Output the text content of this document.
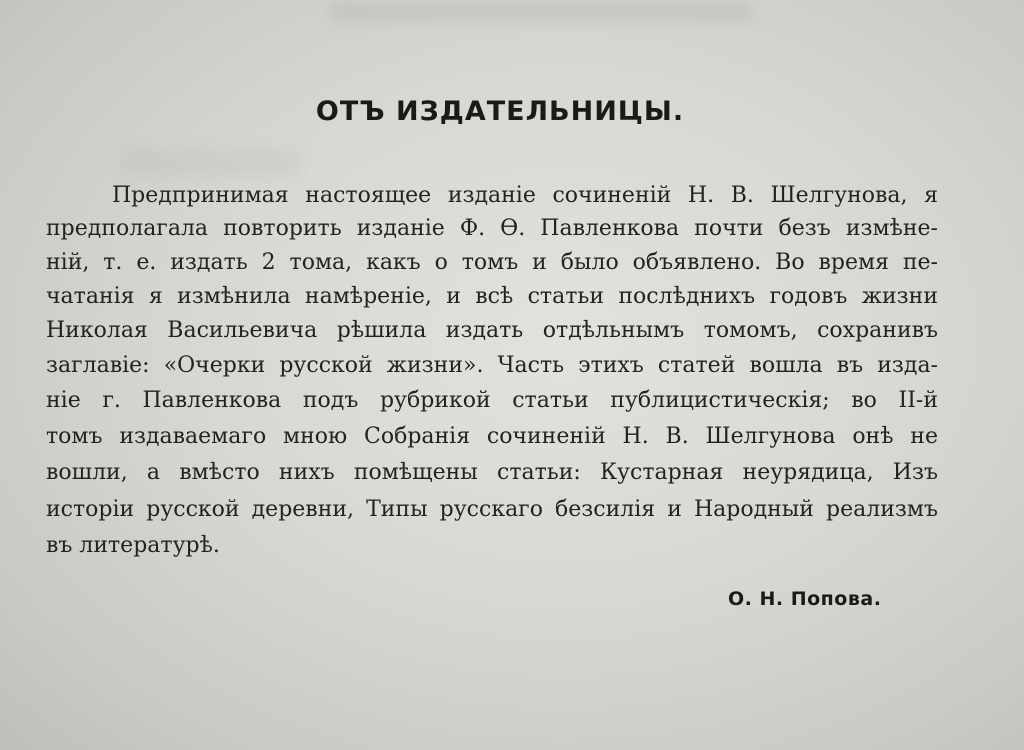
ОТЪ ИЗДАТЕЛЬНИЦЫ.
Предпринимая настоящее изданіе сочиненій Н. В. Шелгунова, я
предполагала повторить изданіе Ф. Ѳ. Павленкова почти безъ измѣне-
ній, т. е. издать 2 тома, какъ о томъ и было объявлено. Во время пе-
чатанія я измѣнила намѣреніе, и всѣ статьи послѣднихъ годовъ жизни
Николая Васильевича рѣшила издать отдѣльнымъ томомъ, сохранивъ
заглавіе: «Очерки русской жизни». Часть этихъ статей вошла въ изда-
ніе г. Павленкова подъ рубрикой статьи публицистическія; во II-й
томъ издаваемаго мною Собранія сочиненій Н. В. Шелгунова онѣ не
вошли, а вмѣсто нихъ помѣщены статьи: Кустарная неурядица, Изъ
исторіи русской деревни, Типы русскаго безсилія и Народный реализмъ
въ литературѣ.
О. Н. Попова.
